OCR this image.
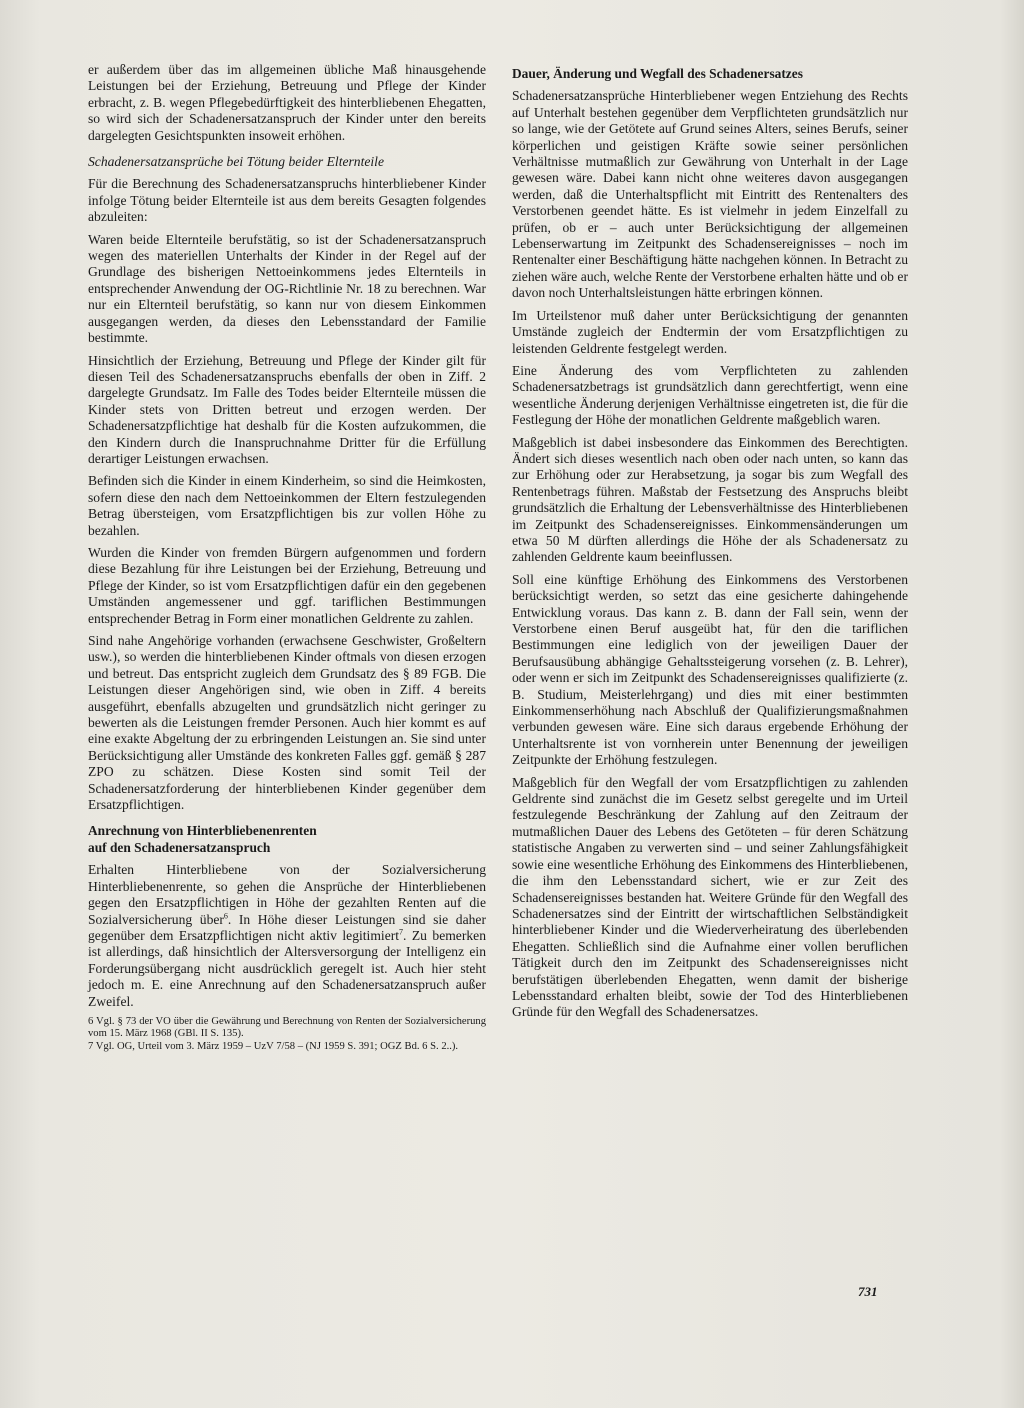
er außerdem über das im allgemeinen übliche Maß hinausgehende Leistungen bei der Erziehung, Betreuung und Pflege der Kinder erbracht, z. B. wegen Pflegebedürftigkeit des hinterbliebenen Ehegatten, so wird sich der Schadenersatzanspruch der Kinder unter den bereits dargelegten Gesichtspunkten insoweit erhöhen.

Schadenersatzansprüche bei Tötung beider Elternteile

Für die Berechnung des Schadenersatzanspruchs hinterbliebener Kinder infolge Tötung beider Elternteile ist aus dem bereits Gesagten folgendes abzuleiten:

Waren beide Elternteile berufstätig, so ist der Schadenersatzanspruch wegen des materiellen Unterhalts der Kinder in der Regel auf der Grundlage des bisherigen Nettoeinkommens jedes Elternteils in entsprechender Anwendung der OG-Richtlinie Nr. 18 zu berechnen. War nur ein Elternteil berufstätig, so kann nur von diesem Einkommen ausgegangen werden, da dieses den Lebensstandard der Familie bestimmte.

Hinsichtlich der Erziehung, Betreuung und Pflege der Kinder gilt für diesen Teil des Schadenersatzanspruchs ebenfalls der oben in Ziff. 2 dargelegte Grundsatz. Im Falle des Todes beider Elternteile müssen die Kinder stets von Dritten betreut und erzogen werden. Der Schadenersatzpflichtige hat deshalb für die Kosten aufzukommen, die den Kindern durch die Inanspruchnahme Dritter für die Erfüllung derartiger Leistungen erwachsen.

Befinden sich die Kinder in einem Kinderheim, so sind die Heimkosten, sofern diese den nach dem Nettoeinkommen der Eltern festzulegenden Betrag übersteigen, vom Ersatzpflichtigen bis zur vollen Höhe zu bezahlen.

Wurden die Kinder von fremden Bürgern aufgenommen und fordern diese Bezahlung für ihre Leistungen bei der Erziehung, Betreuung und Pflege der Kinder, so ist vom Ersatzpflichtigen dafür ein den gegebenen Umständen angemessener und ggf. tariflichen Bestimmungen entsprechender Betrag in Form einer monatlichen Geldrente zu zahlen.

Sind nahe Angehörige vorhanden (erwachsene Geschwister, Großeltern usw.), so werden die hinterbliebenen Kinder oftmals von diesen erzogen und betreut. Das entspricht zugleich dem Grundsatz des § 89 FGB. Die Leistungen dieser Angehörigen sind, wie oben in Ziff. 4 bereits ausgeführt, ebenfalls abzugelten und grundsätzlich nicht geringer zu bewerten als die Leistungen fremder Personen. Auch hier kommt es auf eine exakte Abgeltung der zu erbringenden Leistungen an. Sie sind unter Berücksichtigung aller Umstände des konkreten Falles ggf. gemäß § 287 ZPO zu schätzen. Diese Kosten sind somit Teil der Schadenersatzforderung der hinterbliebenen Kinder gegenüber dem Ersatzpflichtigen.

Anrechnung von Hinterbliebenenrenten
auf den Schadenersatzanspruch

Erhalten Hinterbliebene von der Sozialversicherung Hinterbliebenenrente, so gehen die Ansprüche der Hinterbliebenen gegen den Ersatzpflichtigen in Höhe der gezahlten Renten auf die Sozialversicherung über$^6$. In Höhe dieser Leistungen sind sie daher gegenüber dem Ersatzpflichtigen nicht aktiv legitimiert$^7$. Zu bemerken ist allerdings, daß hinsichtlich der Altersversorgung der Intelligenz ein Forderungsübergang nicht ausdrücklich geregelt ist. Auch hier steht jedoch m. E. eine Anrechnung auf den Schadenersatzanspruch außer Zweifel.

6 Vgl. § 73 der VO über die Gewährung und Berechnung von Renten der Sozialversicherung vom 15. März 1968 (GBl. II S. 135).
7 Vgl. OG, Urteil vom 3. März 1959 – UzV 7/58 – (NJ 1959 S. 391; OGZ Bd. 6 S. 2..).
Dauer, Änderung und Wegfall des Schadenersatzes

Schadenersatzansprüche Hinterbliebener wegen Entziehung des Rechts auf Unterhalt bestehen gegenüber dem Verpflichteten grundsätzlich nur so lange, wie der Getötete auf Grund seines Alters, seines Berufs, seiner körperlichen und geistigen Kräfte sowie seiner persönlichen Verhältnisse mutmaßlich zur Gewährung von Unterhalt in der Lage gewesen wäre. Dabei kann nicht ohne weiteres davon ausgegangen werden, daß die Unterhaltspflicht mit Eintritt des Rentenalters des Verstorbenen geendet hätte. Es ist vielmehr in jedem Einzelfall zu prüfen, ob er – auch unter Berücksichtigung der allgemeinen Lebenserwartung im Zeitpunkt des Schadensereignisses – noch im Rentenalter einer Beschäftigung hätte nachgehen können. In Betracht zu ziehen wäre auch, welche Rente der Verstorbene erhalten hätte und ob er davon noch Unterhaltsleistungen hätte erbringen können.

Im Urteilstenor muß daher unter Berücksichtigung der genannten Umstände zugleich der Endtermin der vom Ersatzpflichtigen zu leistenden Geldrente festgelegt werden.

Eine Änderung des vom Verpflichteten zu zahlenden Schadenersatzbetrags ist grundsätzlich dann gerechtfertigt, wenn eine wesentliche Änderung derjenigen Verhältnisse eingetreten ist, die für die Festlegung der Höhe der monatlichen Geldrente maßgeblich waren.

Maßgeblich ist dabei insbesondere das Einkommen des Berechtigten. Ändert sich dieses wesentlich nach oben oder nach unten, so kann das zur Erhöhung oder zur Herabsetzung, ja sogar bis zum Wegfall des Rentenbetrags führen. Maßstab der Festsetzung des Anspruchs bleibt grundsätzlich die Erhaltung der Lebensverhältnisse des Hinterbliebenen im Zeitpunkt des Schadensereignisses. Einkommensänderungen um etwa 50 M dürften allerdings die Höhe der als Schadenersatz zu zahlenden Geldrente kaum beeinflussen.

Soll eine künftige Erhöhung des Einkommens des Verstorbenen berücksichtigt werden, so setzt das eine gesicherte dahingehende Entwicklung voraus. Das kann z. B. dann der Fall sein, wenn der Verstorbene einen Beruf ausgeübt hat, für den die tariflichen Bestimmungen eine lediglich von der jeweiligen Dauer der Berufsausübung abhängige Gehaltssteigerung vorsehen (z. B. Lehrer), oder wenn er sich im Zeitpunkt des Schadensereignisses qualifizierte (z. B. Studium, Meisterlehrgang) und dies mit einer bestimmten Einkommenserhöhung nach Abschluß der Qualifizierungsmaßnahmen verbunden gewesen wäre. Eine sich daraus ergebende Erhöhung der Unterhaltsrente ist von vornherein unter Benennung der jeweiligen Zeitpunkte der Erhöhung festzulegen.

Maßgeblich für den Wegfall der vom Ersatzpflichtigen zu zahlenden Geldrente sind zunächst die im Gesetz selbst geregelte und im Urteil festzulegende Beschränkung der Zahlung auf den Zeitraum der mutmaßlichen Dauer des Lebens des Getöteten – für deren Schätzung statistische Angaben zu verwerten sind – und seiner Zahlungsfähigkeit sowie eine wesentliche Erhöhung des Einkommens des Hinterbliebenen, die ihm den Lebensstandard sichert, wie er zur Zeit des Schadensereignisses bestanden hat. Weitere Gründe für den Wegfall des Schadenersatzes sind der Eintritt der wirtschaftlichen Selbständigkeit hinterbliebener Kinder und die Wiederverheiratung des überlebenden Ehegatten. Schließlich sind die Aufnahme einer vollen beruflichen Tätigkeit durch den im Zeitpunkt des Schadensereignisses nicht berufstätigen überlebenden Ehegatten, wenn damit der bisherige Lebensstandard erhalten bleibt, sowie der Tod des Hinterbliebenen Gründe für den Wegfall des Schadenersatzes.

731
